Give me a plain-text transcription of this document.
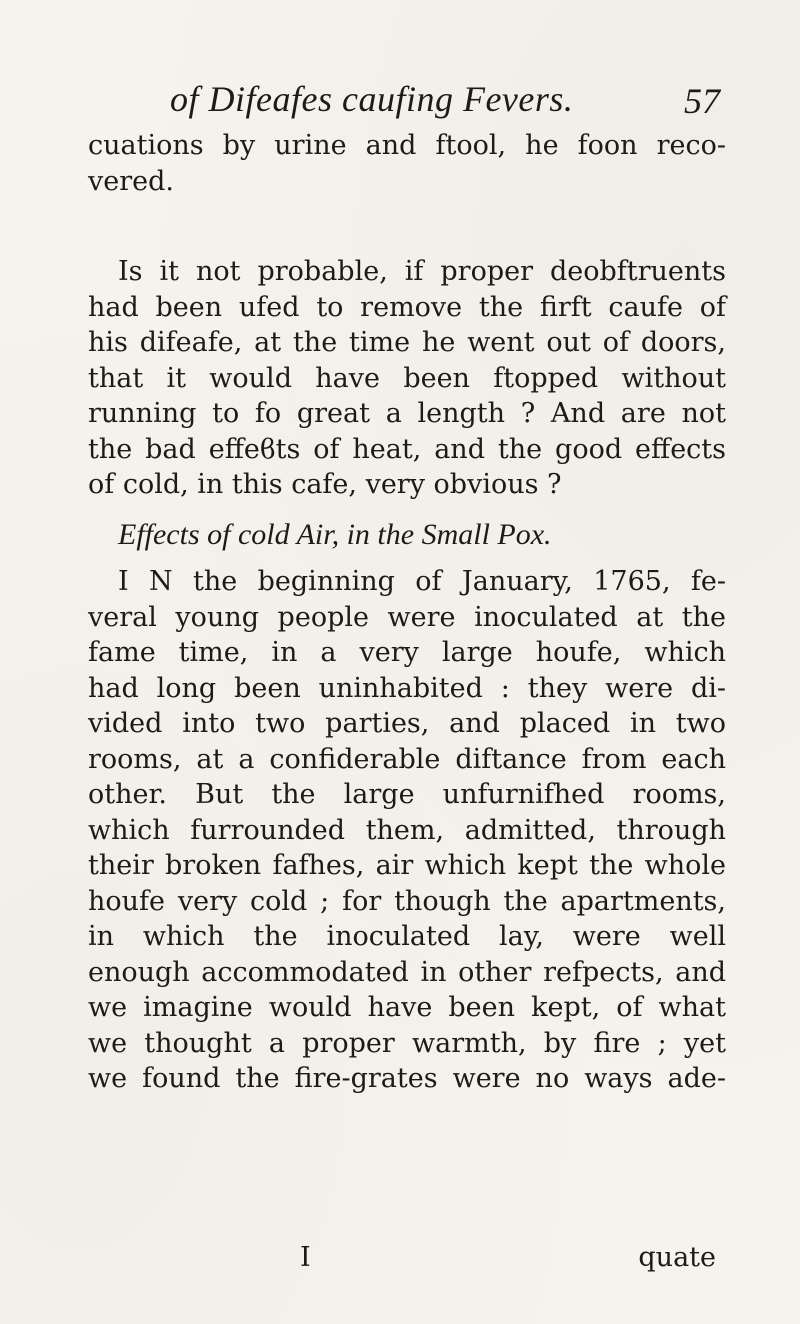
of Difeafes caufing Fevers.	57
cuations by urine and ftool, he foon reco-
vered.
Is it not probable, if proper deobftruents
had been ufed to remove the firft caufe of
his difeafe, at the time he went out of doors,
that it would have been ftopped without
running to fo great a length ? And are not
the bad effeϐts of heat, and the good effects
of cold, in this cafe, very obvious ?
Effects of cold Air, in the Small Pox.
I N the beginning of January, 1765, fe-
veral young people were inoculated at the
fame time, in a very large houfe, which
had long been uninhabited : they were di-
vided into two parties, and placed in two
rooms, at a confiderable diftance from each
other. But the large unfurnifhed rooms,
which furrounded them, admitted, through
their broken fafhes, air which kept the whole
houfe very cold ; for though the apartments,
in which the inoculated lay, were well
enough accommodated in other refpects, and
we imagine would have been kept, of what
we thought a proper warmth, by fire ; yet
we found the fire-grates were no ways ade-
I	quate
